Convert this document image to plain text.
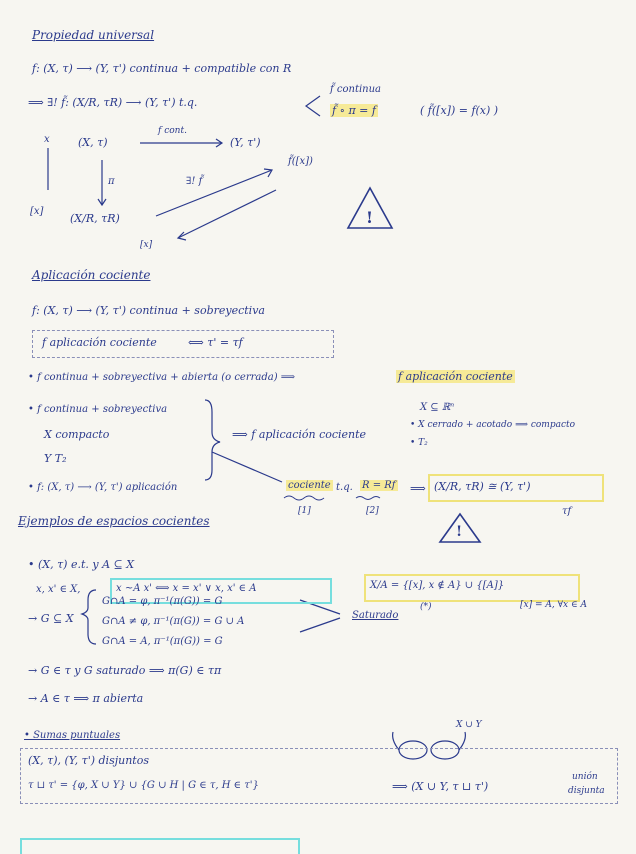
Propiedad universal
f: (X, τ) ⟶ (Y, τ') continua + compatible con R
⟹ ∃! f̃: (X/R, τR) ⟶ (Y, τ') t.q.
f̃ continua
f̃ ∘ π = f	( f̃([x]) = f(x) )
x	(X, τ)
f cont.
(Y, τ')
π	∃! f̃
f̃([x])
[x]
(X/R, τR)
[x]
!
Aplicación cociente
f: (X, τ) ⟶ (Y, τ') continua + sobreyectiva
f aplicación cociente	⟺ τ' = τf
• f continua + sobreyectiva + abierta (o cerrada) ⟹	f aplicación cociente
• f continua + sobreyectiva
X compacto
Y T₂
⟹ f aplicación cociente
X ⊆ ℝⁿ
• X cerrado + acotado ⟹ compacto
• T₂
• f: (X, τ) ⟶ (Y, τ') aplicación	cociente t.q. R = Rf ⟹ (X/R, τR) ≅ (Y, τ')
[1]	[2]	τf
!
Ejemplos de espacios cocientes
• (X, τ) e.t. y A ⊆ X
x, x' ∈ X,	x ~A x' ⟺ x = x' ∨ x, x' ∈ A	X/A = {[x], x ∉ A} ∪ {[A]}
(*)	[x] = A, ∀x ∈ A
→ G ⊆ X
G∩A = φ, π⁻¹(π(G)) = G
G∩A ≠ φ, π⁻¹(π(G)) = G ∪ A
G∩A = A, π⁻¹(π(G)) = G
Saturado
→ G ∈ τ y G saturado ⟹ π(G) ∈ τπ
→ A ∈ τ ⟹ π abierta
• Sumas puntuales
X ∪ Y
(X, τ), (Y, τ') disjuntos
τ ⊔ τ' = {φ, X ∪ Y} ∪ {G ∪ H | G ∈ τ, H ∈ τ'}	⟹ (X ∪ Y, τ ⊔ τ')
unión
disjunta
